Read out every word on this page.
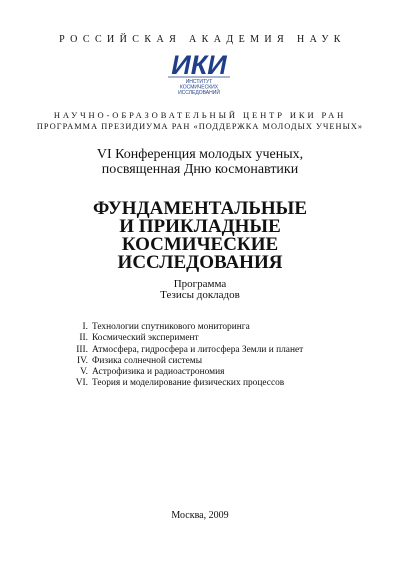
РОССИЙСКАЯ АКАДЕМИЯ НАУК
ИКИ
ИНСТИТУТ
КОСМИЧЕСКИХ
ИССЛЕДОВАНИЙ
НАУЧНО-ОБРАЗОВАТЕЛЬНЫЙ ЦЕНТР ИКИ РАН
ПРОГРАММА ПРЕЗИДИУМА РАН «ПОДДЕРЖКА МОЛОДЫХ УЧЕНЫХ»
VI Конференция молодых ученых,
посвященная Дню космонавтики
ФУНДАМЕНТАЛЬНЫЕ
И ПРИКЛАДНЫЕ
КОСМИЧЕСКИЕ
ИССЛЕДОВАНИЯ
Программа
Тезисы докладов
I. Технологии спутникового мониторинга
II. Космический эксперимент
III. Атмосфера, гидросфера и литосфера Земли и планет
IV. Физика солнечной системы
V. Астрофизика и радиоастрономия
VI. Теория и моделирование физических процессов
Москва, 2009
